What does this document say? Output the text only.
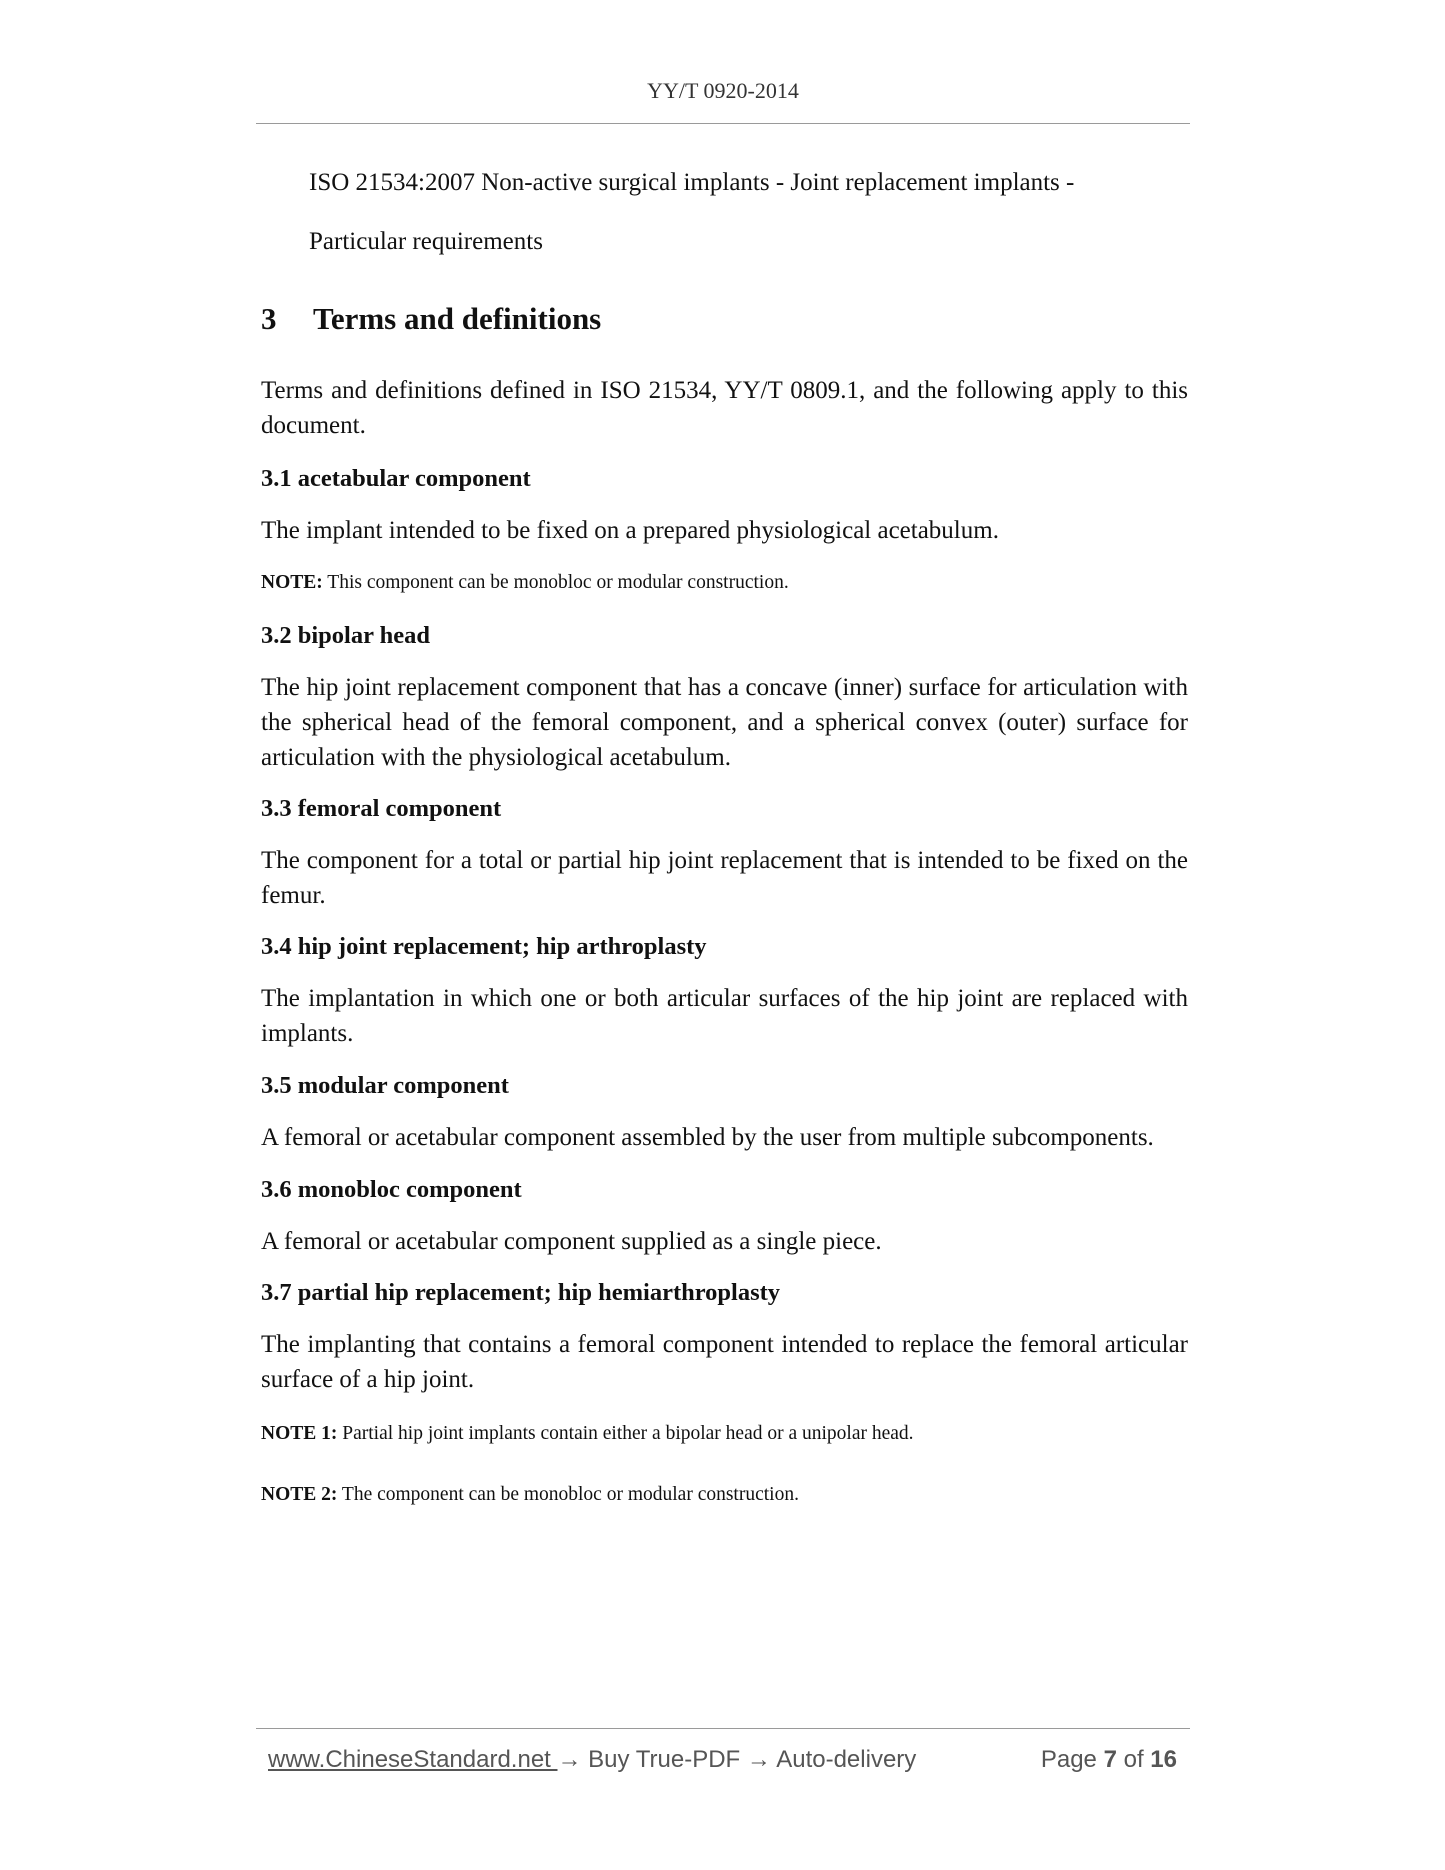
YY/T 0920-2014

ISO 21534:2007 Non-active surgical implants - Joint replacement implants -

Particular requirements

3 Terms and definitions

Terms and definitions defined in ISO 21534, YY/T 0809.1, and the following apply to this document.

3.1 acetabular component

The implant intended to be fixed on a prepared physiological acetabulum.

NOTE: This component can be monobloc or modular construction.

3.2 bipolar head

The hip joint replacement component that has a concave (inner) surface for articulation with the spherical head of the femoral component, and a spherical convex (outer) surface for articulation with the physiological acetabulum.

3.3 femoral component

The component for a total or partial hip joint replacement that is intended to be fixed on the femur.

3.4 hip joint replacement; hip arthroplasty

The implantation in which one or both articular surfaces of the hip joint are replaced with implants.

3.5 modular component

A femoral or acetabular component assembled by the user from multiple subcomponents.

3.6 monobloc component

A femoral or acetabular component supplied as a single piece.

3.7 partial hip replacement; hip hemiarthroplasty

The implanting that contains a femoral component intended to replace the femoral articular surface of a hip joint.

NOTE 1: Partial hip joint implants contain either a bipolar head or a unipolar head.

NOTE 2: The component can be monobloc or modular construction.

www.ChineseStandard.net → Buy True-PDF → Auto-delivery	Page 7 of 16
